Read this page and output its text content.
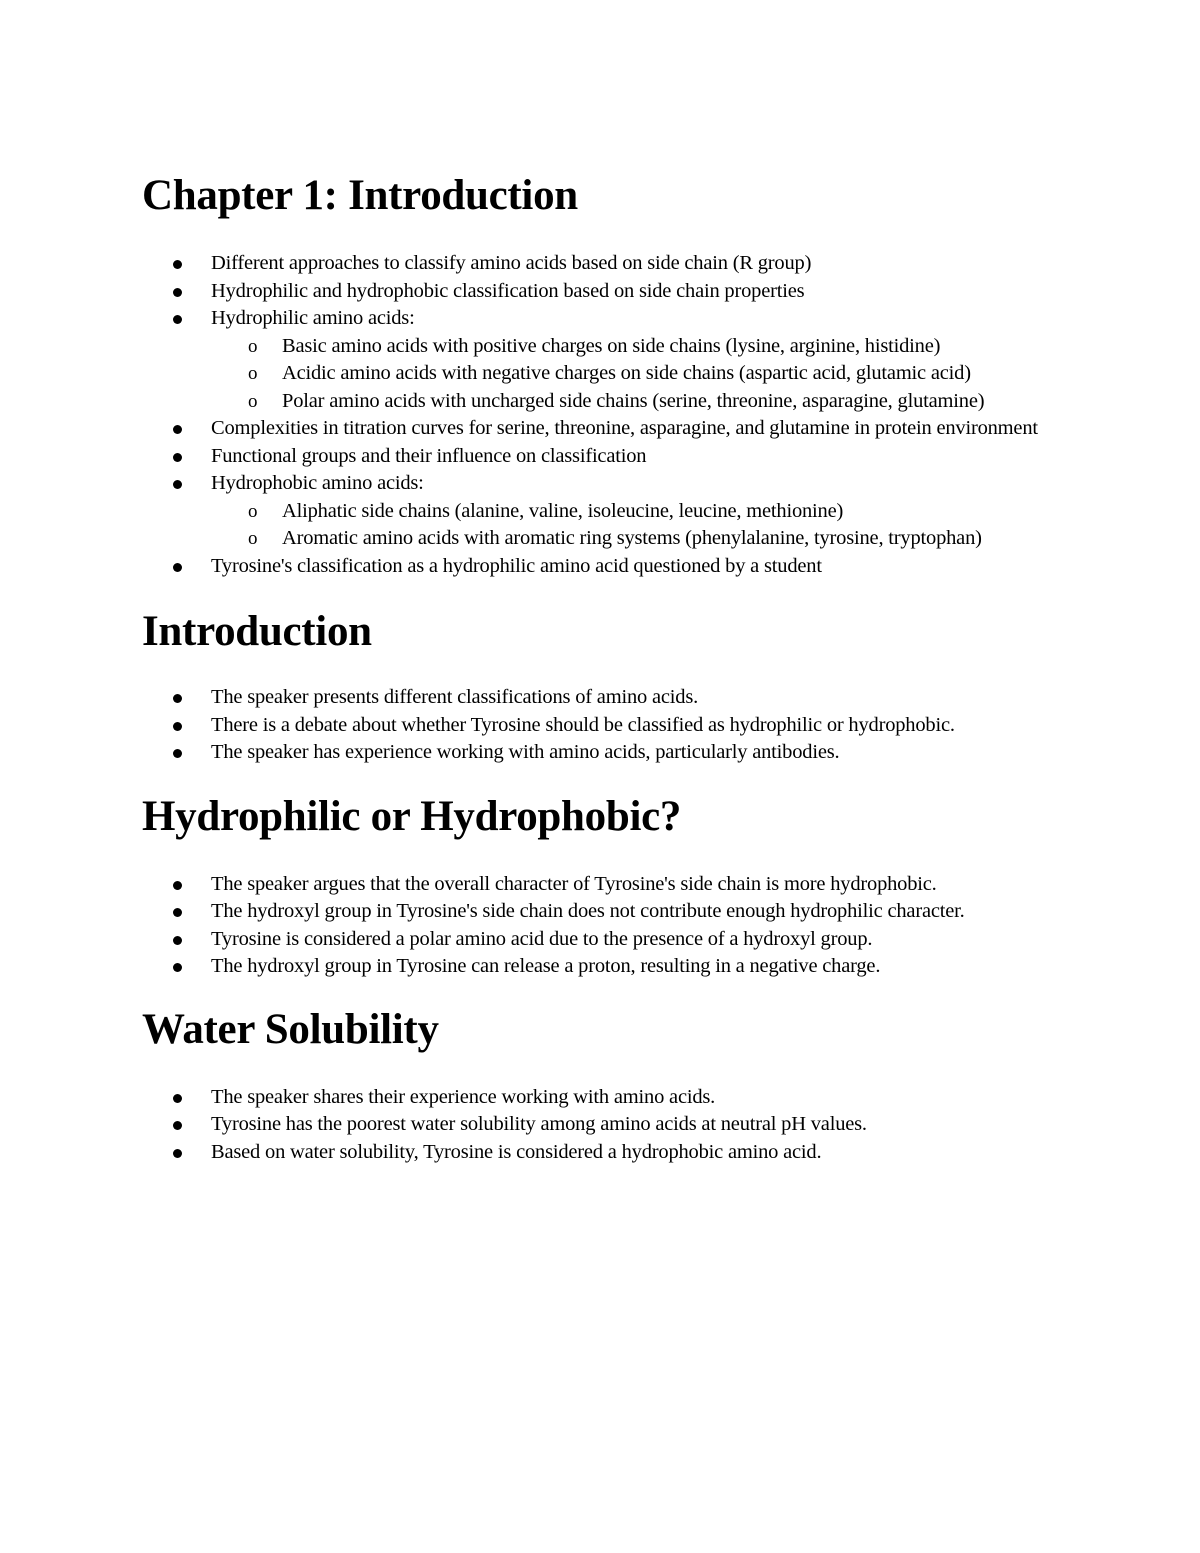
Chapter 1: Introduction
Different approaches to classify amino acids based on side chain (R group)
Hydrophilic and hydrophobic classification based on side chain properties
Hydrophilic amino acids:
o Basic amino acids with positive charges on side chains (lysine, arginine, histidine)
o Acidic amino acids with negative charges on side chains (aspartic acid, glutamic acid)
o Polar amino acids with uncharged side chains (serine, threonine, asparagine, glutamine)
Complexities in titration curves for serine, threonine, asparagine, and glutamine in protein environment
Functional groups and their influence on classification
Hydrophobic amino acids:
o Aliphatic side chains (alanine, valine, isoleucine, leucine, methionine)
o Aromatic amino acids with aromatic ring systems (phenylalanine, tyrosine, tryptophan)
Tyrosine's classification as a hydrophilic amino acid questioned by a student
Introduction
The speaker presents different classifications of amino acids.
There is a debate about whether Tyrosine should be classified as hydrophilic or hydrophobic.
The speaker has experience working with amino acids, particularly antibodies.
Hydrophilic or Hydrophobic?
The speaker argues that the overall character of Tyrosine's side chain is more hydrophobic.
The hydroxyl group in Tyrosine's side chain does not contribute enough hydrophilic character.
Tyrosine is considered a polar amino acid due to the presence of a hydroxyl group.
The hydroxyl group in Tyrosine can release a proton, resulting in a negative charge.
Water Solubility
The speaker shares their experience working with amino acids.
Tyrosine has the poorest water solubility among amino acids at neutral pH values.
Based on water solubility, Tyrosine is considered a hydrophobic amino acid.
